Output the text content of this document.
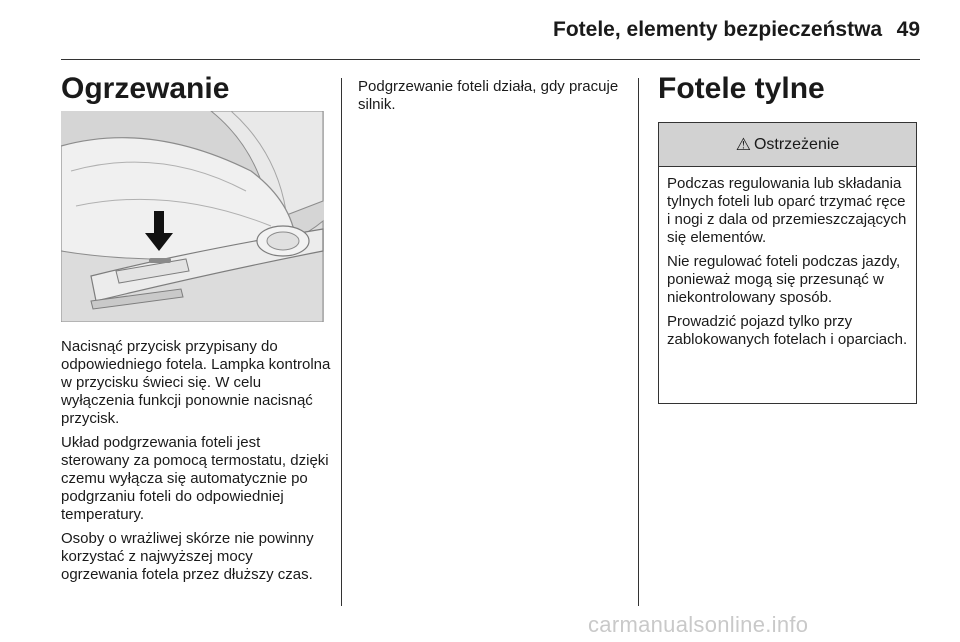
Fotele, elementy bezpieczeństwa 49
Ogrzewanie

Nacisnąć przycisk przypisany do odpowiedniego fotela. Lampka kontrolna w przycisku świeci się. W celu wyłączenia funkcji ponownie nacisnąć przycisk.

Układ podgrzewania foteli jest sterowany za pomocą termostatu, dzięki czemu wyłącza się automatycznie po podgrzaniu foteli do odpowiedniej temperatury.

Osoby o wrażliwej skórze nie powinny korzystać z najwyższej mocy ogrzewania fotela przez dłuższy czas.

Podgrzewanie foteli działa, gdy pracuje silnik.	Fotele tylne
⚠ Ostrzeżenie

Podczas regulowania lub składania tylnych foteli lub oparć trzymać ręce i nogi z dala od przemieszczających się elementów.

Nie regulować foteli podczas jazdy, ponieważ mogą się przesunąć w niekontrolowany sposób.

Prowadzić pojazd tylko przy zablokowanych fotelach i oparciach.

carmanualsonline.info
